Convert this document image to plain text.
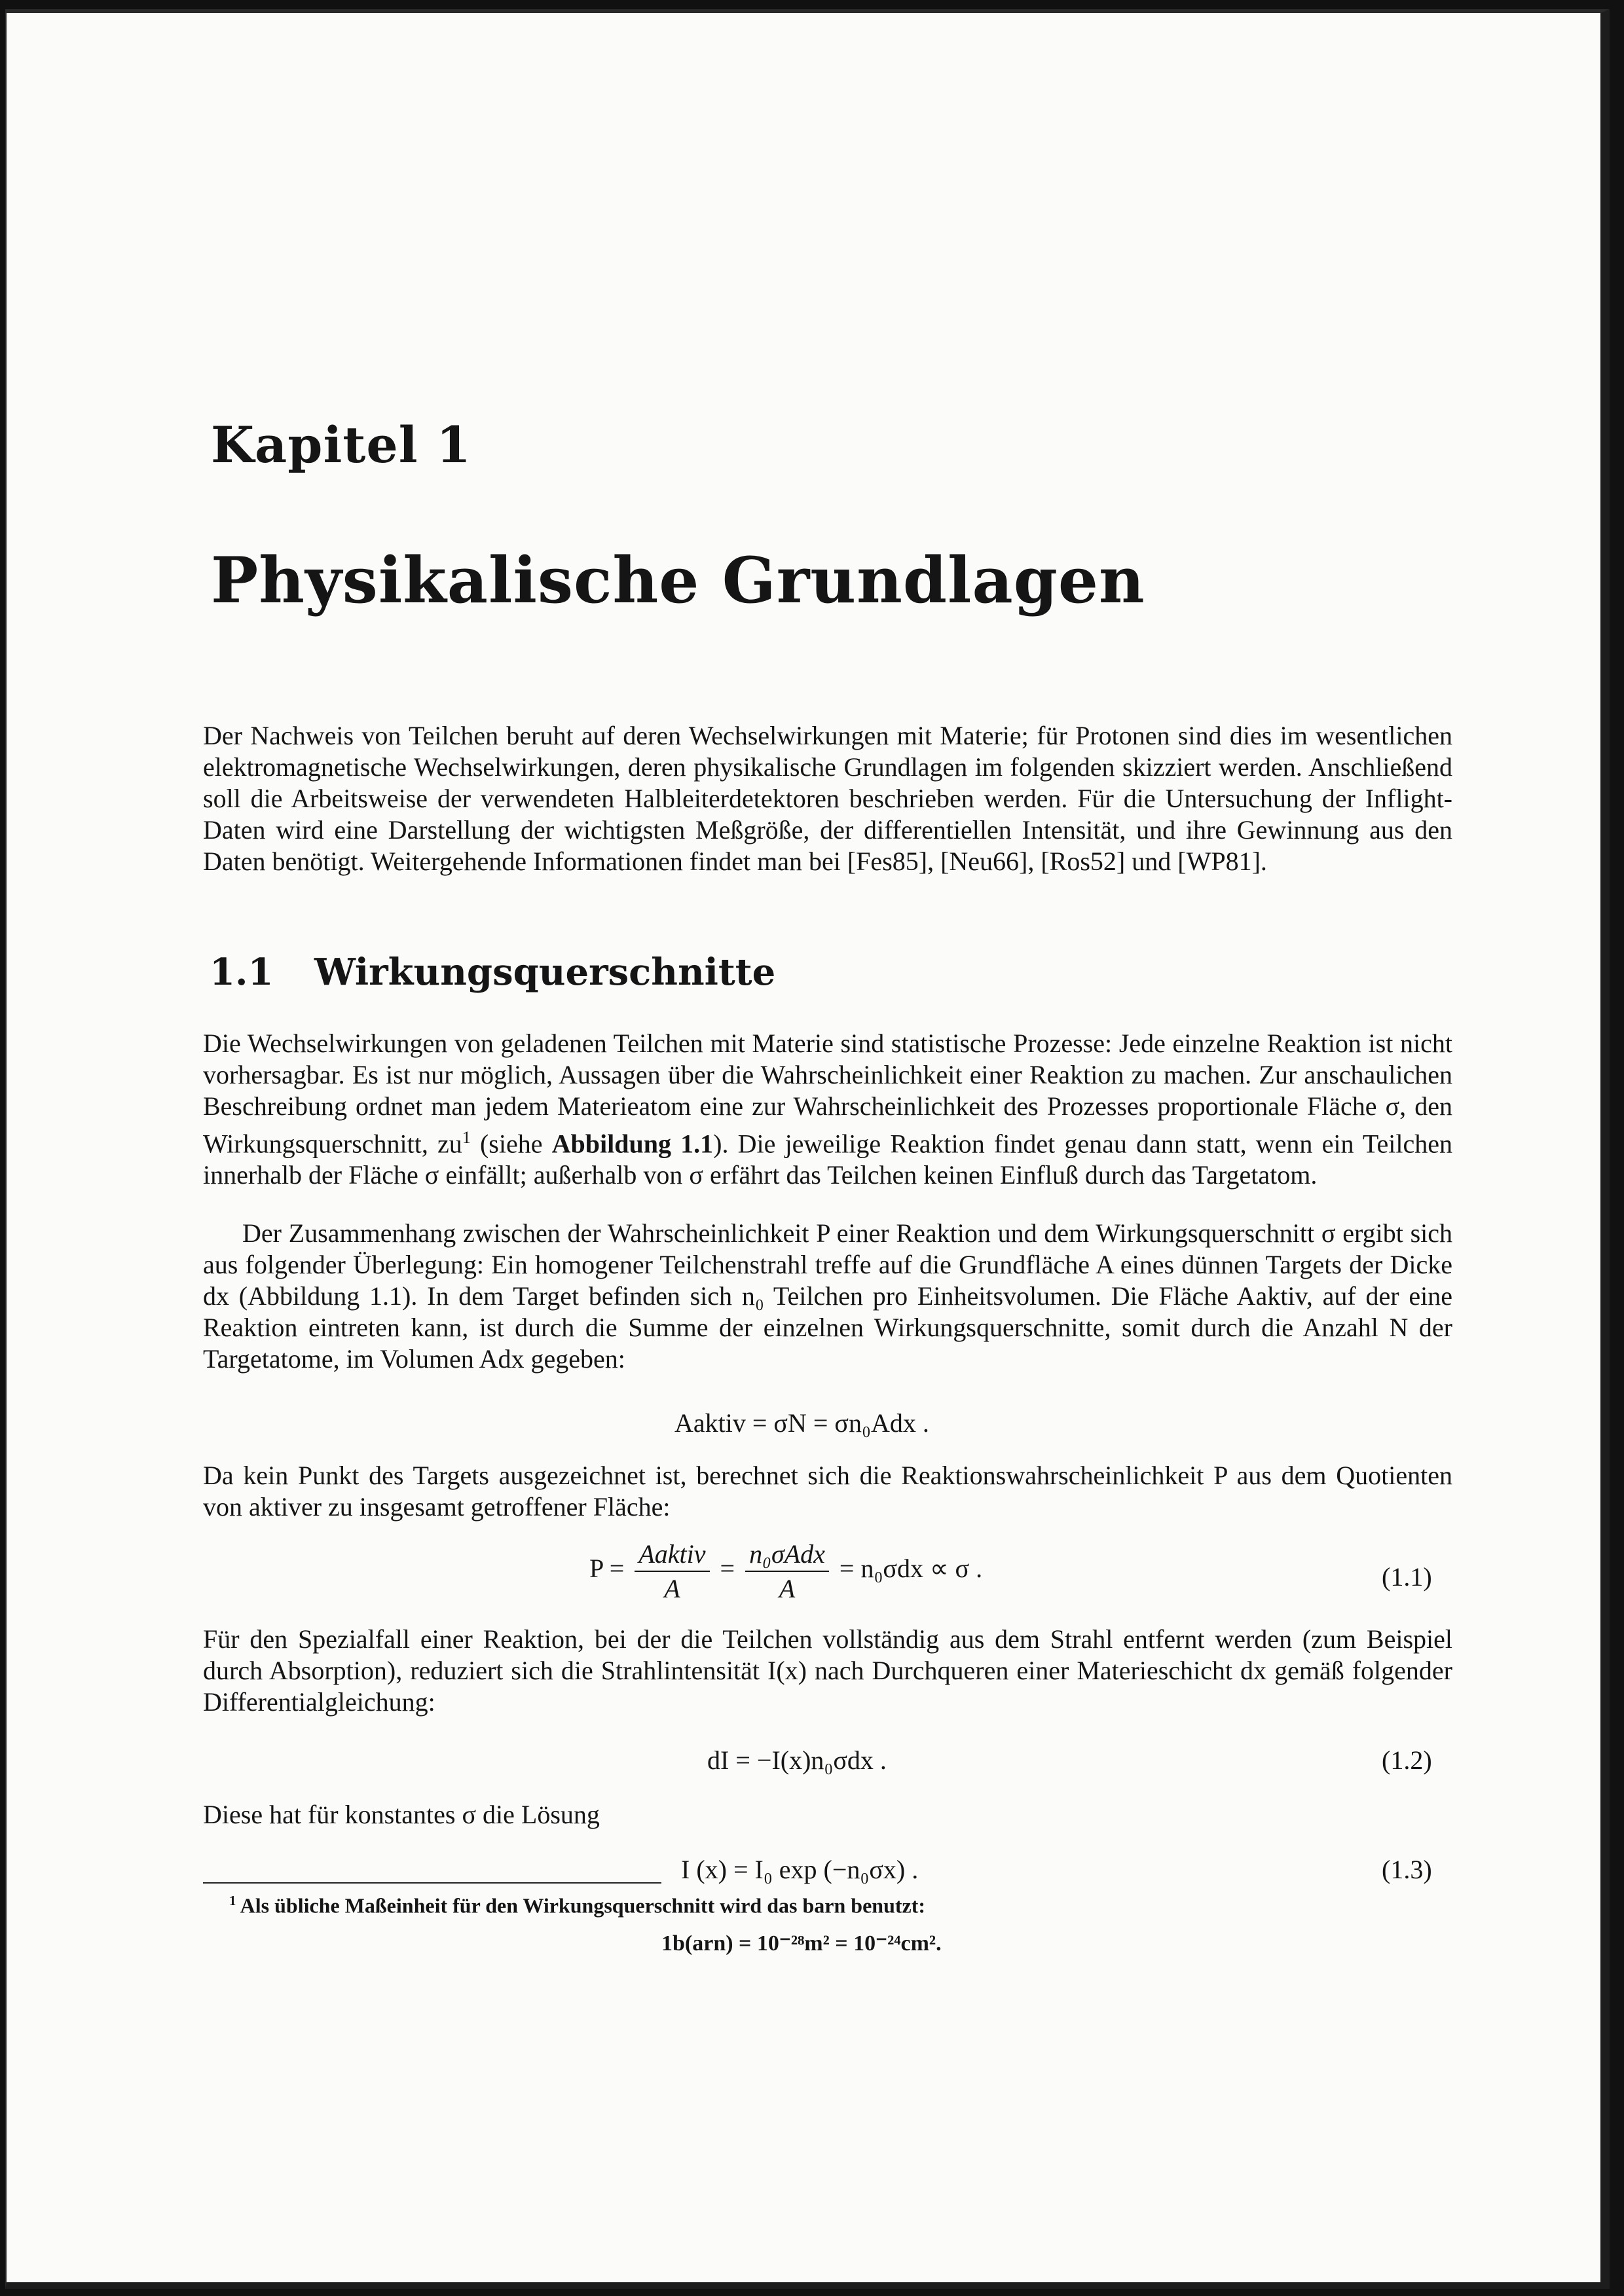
Kapitel 1
Physikalische Grundlagen
Der Nachweis von Teilchen beruht auf deren Wechselwirkungen mit Materie; für Protonen sind dies im wesentlichen elektromagnetische Wechselwirkungen, deren physikalische Grundlagen im folgenden skizziert werden. Anschließend soll die Arbeitsweise der verwendeten Halbleiterdetektoren beschrieben werden. Für die Untersuchung der Inflight-Daten wird eine Darstellung der wichtigsten Meßgröße, der differentiellen Intensität, und ihre Gewinnung aus den Daten benötigt. Weitergehende Informationen findet man bei [Fes85], [Neu66], [Ros52] und [WP81].
1.1 Wirkungsquerschnitte
Die Wechselwirkungen von geladenen Teilchen mit Materie sind statistische Prozesse: Jede einzelne Reaktion ist nicht vorhersagbar. Es ist nur möglich, Aussagen über die Wahrscheinlichkeit einer Reaktion zu machen. Zur anschaulichen Beschreibung ordnet man jedem Materieatom eine zur Wahrscheinlichkeit des Prozesses proportionale Fläche σ, den Wirkungsquerschnitt, $zu^1$ (siehe Abbildung 1.1). Die jeweilige Reaktion findet genau dann statt, wenn ein Teilchen innerhalb der Fläche σ einfällt; außerhalb von σ erfährt das Teilchen keinen Einfluß durch das Targetatom.
Der Zusammenhang zwischen der Wahrscheinlichkeit P einer Reaktion und dem Wirkungsquerschnitt σ ergibt sich aus folgender Überlegung: Ein homogener Teilchenstrahl treffe auf die Grundfläche A eines dünnen Targets der Dicke dx (Abbildung 1.1). In dem Target befinden sich n₀ Teilchen pro Einheitsvolumen. Die Fläche Aaktiv, auf der eine Reaktion eintreten kann, ist durch die Summe der einzelnen Wirkungsquerschnitte, somit durch die Anzahl N der Targetatome, im Volumen Adx gegeben:
Aaktiv = σN = σn₀Adx .
Da kein Punkt des Targets ausgezeichnet ist, berechnet sich die Reaktionswahrscheinlichkeit P aus dem Quotienten von aktiver zu insgesamt getroffener Fläche:
$P = \frac{\text{Aaktiv}}{A} = \frac{\text{n₀σAdx}}{A} = n_0\sigma dx \propto \sigma$ .	(1.1)
Für den Spezialfall einer Reaktion, bei der die Teilchen vollständig aus dem Strahl entfernt werden (zum Beispiel durch Absorption), reduziert sich die Strahlintensität I(x) nach Durchqueren einer Materieschicht dx gemäß folgender Differentialgleichung:
dI = −I(x)n₀σdx .	(1.2)
Diese hat für konstantes σ die Lösung
I (x) = I₀ exp (−n₀σx) .	(1.3)
$^1$ Als übliche Maßeinheit für den Wirkungsquerschnitt wird das barn benutzt:
1b(arn) = 10⁻²⁸m² = 10⁻²⁴cm².
